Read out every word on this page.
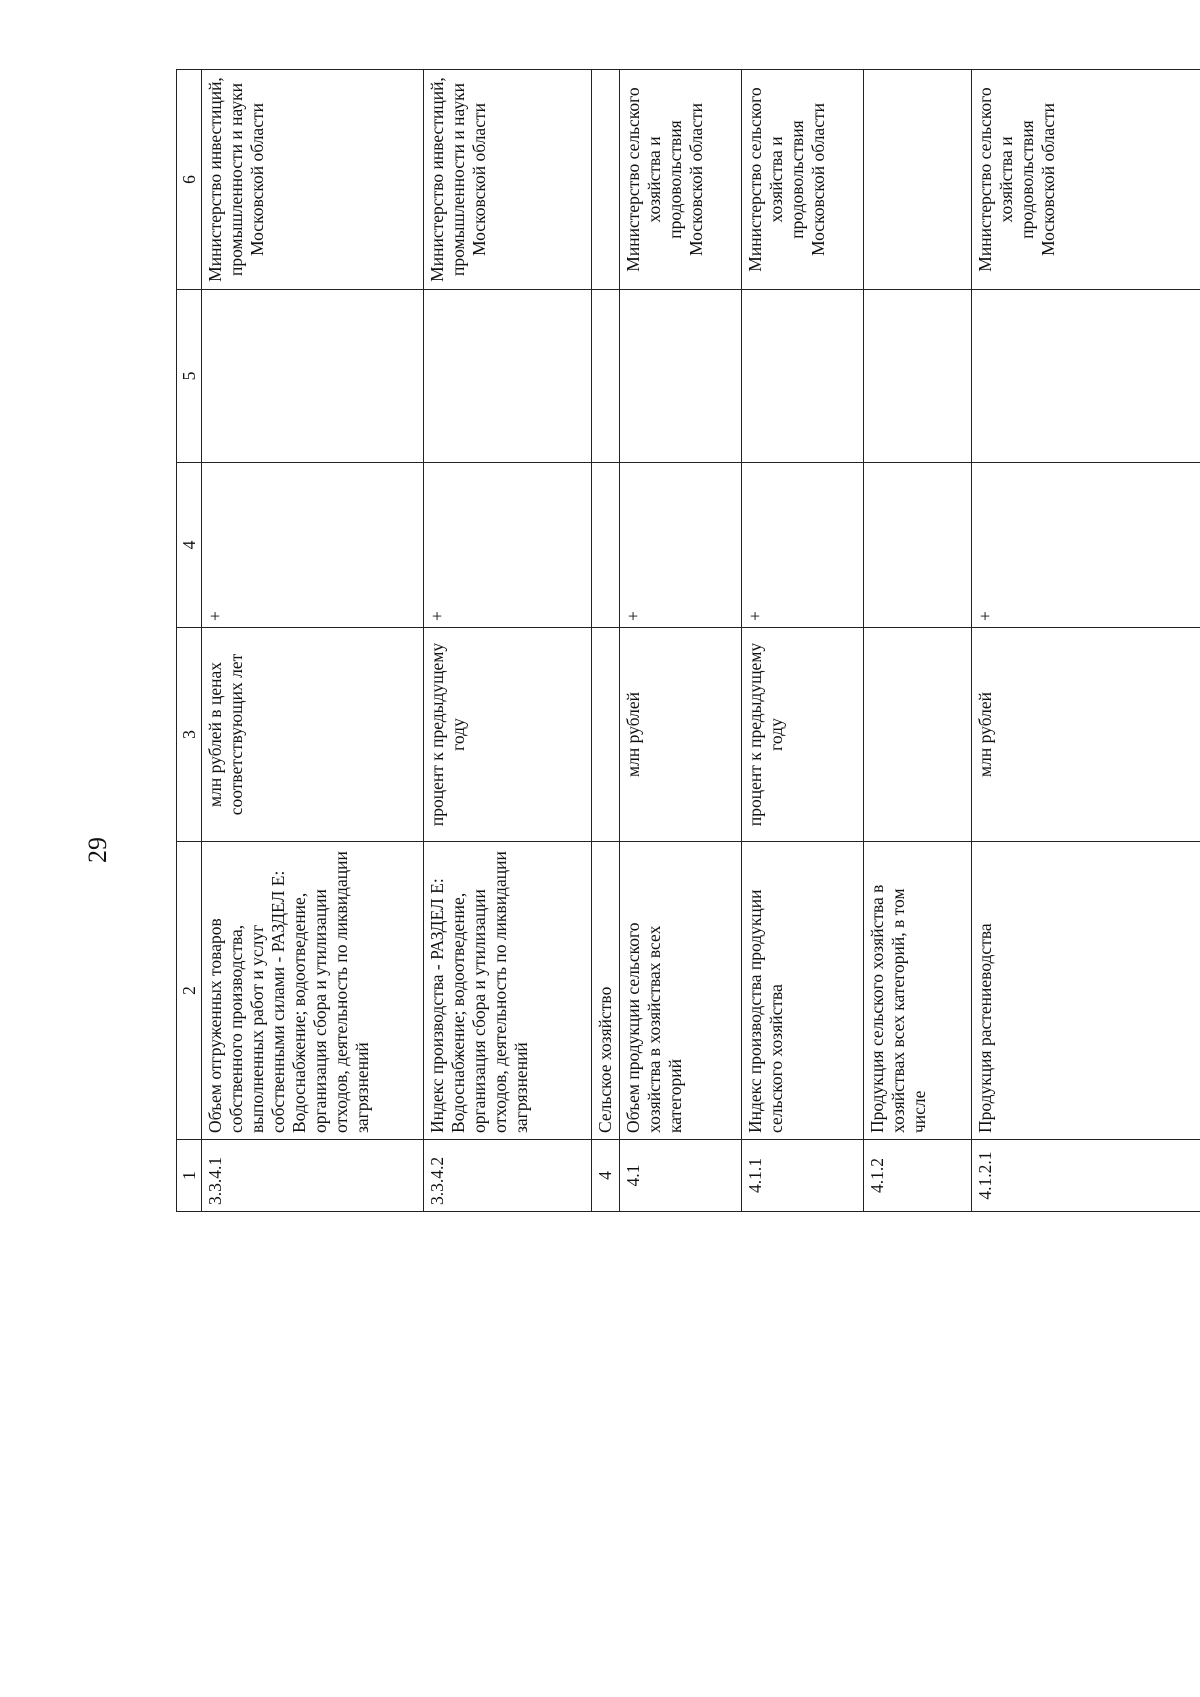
29
1	2	3	4	5	6
3.3.4.1	Объем отгруженных товаров собственного производства, выполненных работ и услуг собственными силами - РАЗДЕЛ Е: Водоснабжение; водоотведение, организация сбора и утилизации отходов, деятельность по ликвидации загрязнений	млн рублей в ценах соответствующих лет	+		Министерство инвестиций, промышленности и науки Московской области
3.3.4.2	Индекс производства - РАЗДЕЛ Е: Водоснабжение; водоотведение, организация сбора и утилизации отходов, деятельность по ликвидации загрязнений	процент к предыдущему году	+		Министерство инвестиций, промышленности и науки Московской области
4	Сельское хозяйство				
4.1	Объем продукции сельского хозяйства в хозяйствах всех категорий	млн рублей	+		Министерство сельского хозяйства и продовольствия Московской области
4.1.1	Индекс производства продукции сельского хозяйства	процент к предыдущему году	+		Министерство сельского хозяйства и продовольствия Московской области
4.1.2	Продукция сельского хозяйства в хозяйствах всех категорий, в том числе				
4.1.2.1	Продукция растениеводства	млн рублей	+		Министерство сельского хозяйства и продовольствия Московской области
